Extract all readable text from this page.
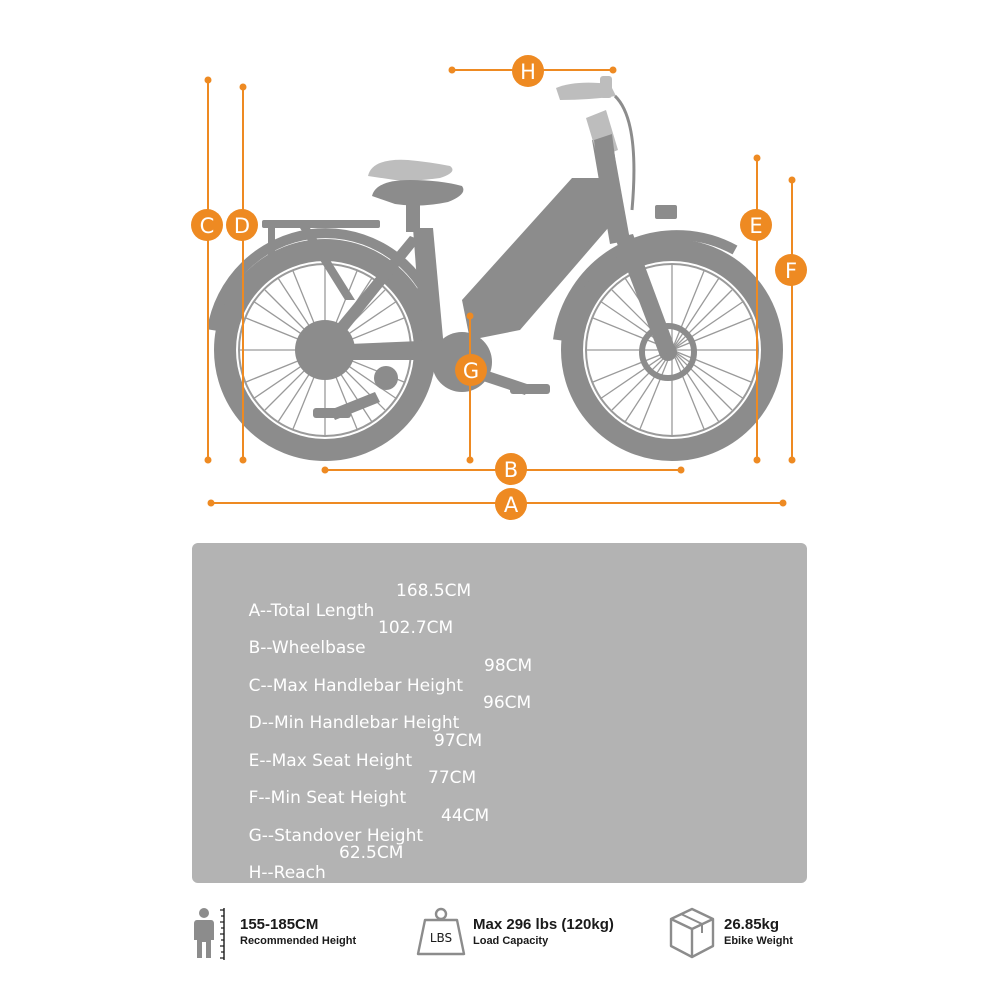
C D	E
F
G
H
B
A

A--Total Length

168.5CM

B--Wheelbase

102.7CM

C--Max Handlebar Height

98CM

D--Min Handlebar Height

96CM

E--Max Seat Height

97CM

F--Min Seat Height

77CM

G--Standover Height

44CM

H--Reach

62.5CM

155-185CM
Recommended Height	LBS
Max 296 lbs (120kg)
Load Capacity
26.85kg
Ebike Weight
